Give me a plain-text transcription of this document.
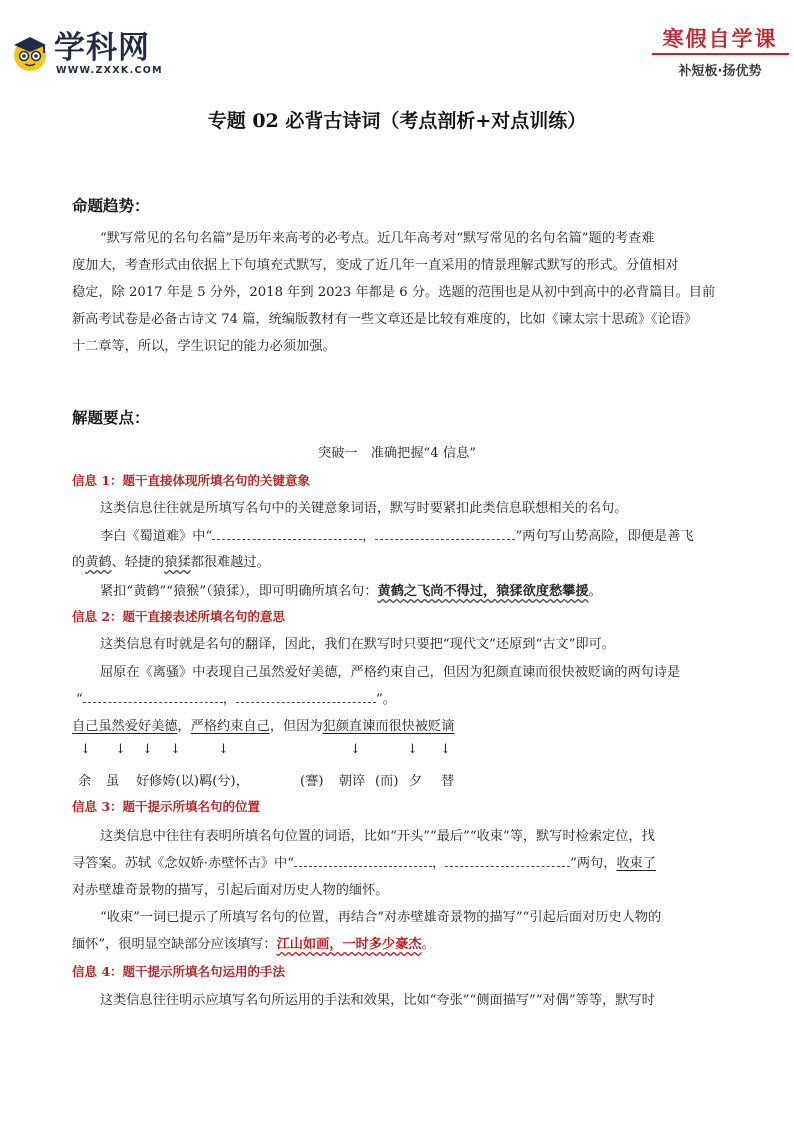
学科网
WWW.ZXXK.COM
寒假自学课
补短板·扬优势
专题 02 必背古诗词（考点剖析+对点训练）
命题趋势：
“默写常见的名句名篇”是历年来高考的必考点。近几年高考对“默写常见的名句名篇”题的考查难
度加大，考查形式由依据上下句填充式默写，变成了近几年一直采用的情景理解式默写的形式。分值相对
稳定，除 2017 年是 5 分外，2018 年到 2023 年都是 6 分。选题的范围也是从初中到高中的必背篇目。目前
新高考试卷是必备古诗文 74 篇，统编版教材有一些文章还是比较有难度的，比如《谏太宗十思疏》《论语》
十二章等，所以，学生识记的能力必须加强。
解题要点：
突破一　准确把握“4 信息”
信息 1：题干直接体现所填名句的关键意象
这类信息往往就是所填写名句中的关键意象词语，默写时要紧扣此类信息联想相关的名句。
李白《蜀道难》中“	，	”两句写山势高险，即便是善飞
的黄鹤、轻捷的猿猱都很难越过。
紧扣“黄鹤”“猿猴”（猿猱），即可明确所填名句：黄鹤之飞尚不得过，猿猱欲度愁攀援。
信息 2：题干直接表述所填名句的意思
这类信息有时就是名句的翻译，因此，我们在默写时只要把“现代文”还原到“古文”即可。
屈原在《离骚》中表现自己虽然爱好美德，严格约束自己，但因为犯颜直谏而很快被贬谪的两句诗是
“	，	”。
自己虽然爱好美德，严格约束自己，但因为犯颜直谏而很快被贬谪
↓ ↓ ↓ ↓	↓	↓	↓ ↓
余 虽 好修姱(以)羁(兮)，	(謇) 朝谇 (而) 夕 替
信息 3：题干提示所填名句的位置
这类信息中往往有表明所填名句位置的词语，比如“开头”“最后”“收束”等，默写时检索定位，找
寻答案。苏轼《念奴娇·赤壁怀古》中“	，	”两句，收束了
对赤壁雄奇景物的描写，引起后面对历史人物的缅怀。
“收束”一词已提示了所填写名句的位置，再结合“对赤壁雄奇景物的描写”“引起后面对历史人物的
缅怀”，很明显空缺部分应该填写：江山如画，一时多少豪杰。
信息 4：题干提示所填名句运用的手法
这类信息往往明示应填写名句所运用的手法和效果，比如“夸张”“侧面描写”“对偶”等等，默写时
